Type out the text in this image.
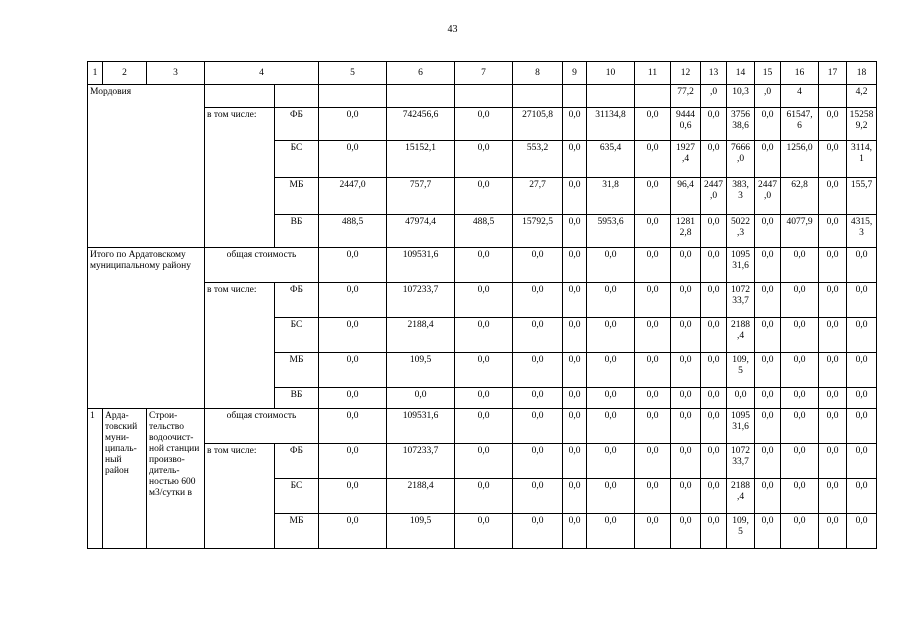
43
1	2	3	4		5	6	7	8	9	10	11	12	13	14	15	16	17	18
Мордовия												77,2	,0	10,3	,0	4		4,2
			в том числе:	ФБ	0,0	742456,6	0,0	27105,8	0,0	31134,8	0,0	9444 0,6	0,0	3756 38,6	0,0	61547, 6	0,0	15258 9,2
				БС	0,0	15152,1	0,0	553,2	0,0	635,4	0,0	1927 ,4	0,0	7666 ,0	0,0	1256,0	0,0	3114,1
				МБ	2447,0	757,7	0,0	27,7	0,0	31,8	0,0	96,4	2447 ,0	383, 3	2447 ,0	62,8	0,0	155,7
				ВБ	488,5	47974,4	488,5	15792,5	0,0	5953,6	0,0	1281 2,8	0,0	5022 ,3	0,0	4077,9	0,0	4315,3
Итого по Ардатовскому муниципальному району			общая стоимость		0,0	109531,6	0,0	0,0	0,0	0,0	0,0	0,0	0,0	1095 31,6	0,0	0,0	0,0	0,0
			в том числе:	ФБ	0,0	107233,7	0,0	0,0	0,0	0,0	0,0	0,0	0,0	1072 33,7	0,0	0,0	0,0	0,0
				БС	0,0	2188,4	0,0	0,0	0,0	0,0	0,0	0,0	0,0	2188 ,4	0,0	0,0	0,0	0,0
				МБ	0,0	109,5	0,0	0,0	0,0	0,0	0,0	0,0	0,0	109, 5	0,0	0,0	0,0	0,0
				ВБ	0,0	0,0	0,0	0,0	0,0	0,0	0,0	0,0	0,0	0,0	0,0	0,0	0,0	0,0
1	Арда-товский муни-ципаль-ный район	Строи-тельство водоочист-ной станции произво-дитель-ностью 600 м3/сутки в	общая стоимость		0,0	109531,6	0,0	0,0	0,0	0,0	0,0	0,0	0,0	1095 31,6	0,0	0,0	0,0	0,0
			в том числе:	ФБ	0,0	107233,7	0,0	0,0	0,0	0,0	0,0	0,0	0,0	1072 33,7	0,0	0,0	0,0	0,0
				БС	0,0	2188,4	0,0	0,0	0,0	0,0	0,0	0,0	0,0	2188 ,4	0,0	0,0	0,0	0,0
				МБ	0,0	109,5	0,0	0,0	0,0	0,0	0,0	0,0	0,0	109, 5	0,0	0,0	0,0	0,0
